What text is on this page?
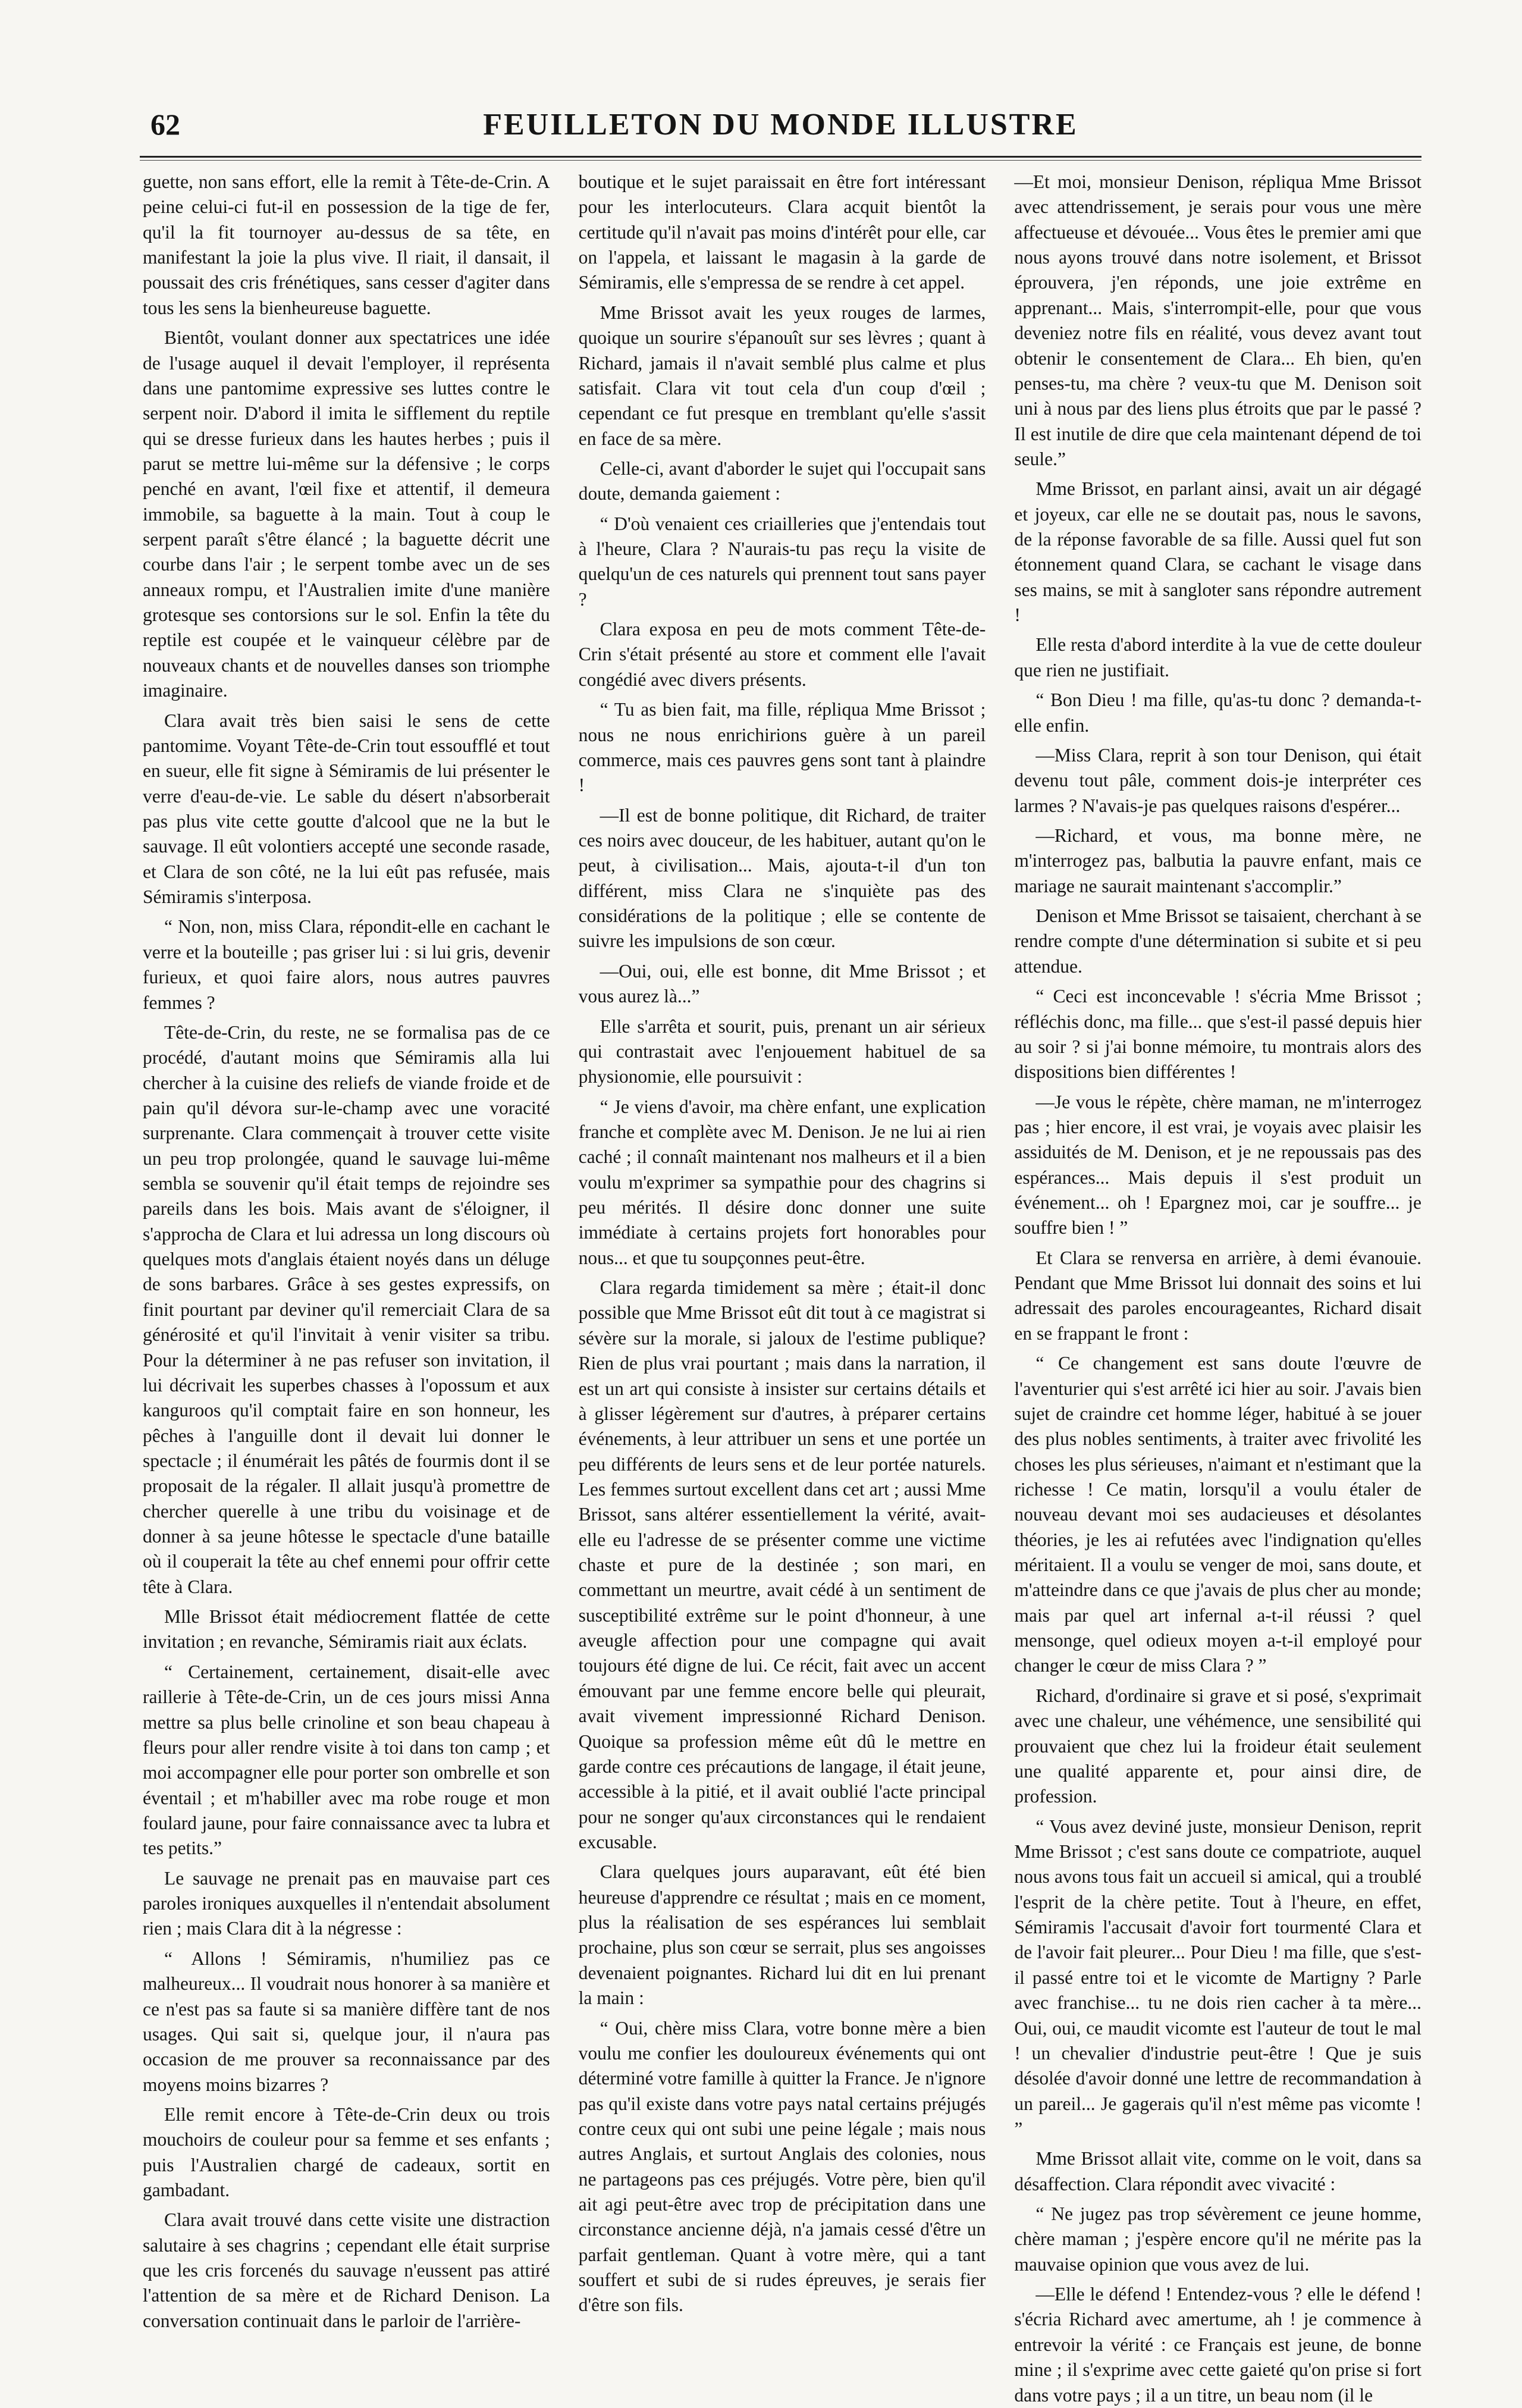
62	FEUILLETON DU MONDE ILLUSTRE

guette, non sans effort, elle la remit à Tête-de-Crin. A peine celui-ci fut-il en possession de la tige de fer, qu'il la fit tournoyer au-dessus de sa tête, en manifestant la joie la plus vive. Il riait, il dansait, il poussait des cris frénétiques, sans cesser d'agiter dans tous les sens la bienheureuse baguette.

Bientôt, voulant donner aux spectatrices une idée de l'usage auquel il devait l'employer, il représenta dans une pantomime expressive ses luttes contre le serpent noir. D'abord il imita le sifflement du reptile qui se dresse furieux dans les hautes herbes ; puis il parut se mettre lui-même sur la défensive ; le corps penché en avant, l'œil fixe et attentif, il demeura immobile, sa baguette à la main. Tout à coup le serpent paraît s'être élancé ; la baguette décrit une courbe dans l'air ; le serpent tombe avec un de ses anneaux rompu, et l'Australien imite d'une manière grotesque ses contorsions sur le sol. Enfin la tête du reptile est coupée et le vainqueur célèbre par de nouveaux chants et de nouvelles danses son triomphe imaginaire.

Clara avait très bien saisi le sens de cette pantomime. Voyant Tête-de-Crin tout essoufflé et tout en sueur, elle fit signe à Sémiramis de lui présenter le verre d'eau-de-vie. Le sable du désert n'absorberait pas plus vite cette goutte d'alcool que ne la but le sauvage. Il eût volontiers accepté une seconde rasade, et Clara de son côté, ne la lui eût pas refusée, mais Sémiramis s'interposa.

“ Non, non, miss Clara, répondit-elle en cachant le verre et la bouteille ; pas griser lui : si lui gris, devenir furieux, et quoi faire alors, nous autres pauvres femmes ?

Tête-de-Crin, du reste, ne se formalisa pas de ce procédé, d'autant moins que Sémiramis alla lui chercher à la cuisine des reliefs de viande froide et de pain qu'il dévora sur-le-champ avec une voracité surprenante. Clara commençait à trouver cette visite un peu trop prolongée, quand le sauvage lui-même sembla se souvenir qu'il était temps de rejoindre ses pareils dans les bois. Mais avant de s'éloigner, il s'approcha de Clara et lui adressa un long discours où quelques mots d'anglais étaient noyés dans un déluge de sons barbares. Grâce à ses gestes expressifs, on finit pourtant par deviner qu'il remerciait Clara de sa générosité et qu'il l'invitait à venir visiter sa tribu. Pour la déterminer à ne pas refuser son invitation, il lui décrivait les superbes chasses à l'opossum et aux kanguroos qu'il comptait faire en son honneur, les pêches à l'anguille dont il devait lui donner le spectacle ; il énumérait les pâtés de fourmis dont il se proposait de la régaler. Il allait jusqu'à promettre de chercher querelle à une tribu du voisinage et de donner à sa jeune hôtesse le spectacle d'une bataille où il couperait la tête au chef ennemi pour offrir cette tête à Clara.

Mlle Brissot était médiocrement flattée de cette invitation ; en revanche, Sémiramis riait aux éclats.

“ Certainement, certainement, disait-elle avec raillerie à Tête-de-Crin, un de ces jours missi Anna mettre sa plus belle crinoline et son beau chapeau à fleurs pour aller rendre visite à toi dans ton camp ; et moi accompagner elle pour porter son ombrelle et son éventail ; et m'habiller avec ma robe rouge et mon foulard jaune, pour faire connaissance avec ta lubra et tes petits.”

Le sauvage ne prenait pas en mauvaise part ces paroles ironiques auxquelles il n'entendait absolument rien ; mais Clara dit à la négresse :

“ Allons ! Sémiramis, n'humiliez pas ce malheureux... Il voudrait nous honorer à sa manière et ce n'est pas sa faute si sa manière diffère tant de nos usages. Qui sait si, quelque jour, il n'aura pas occasion de me prouver sa reconnaissance par des moyens moins bizarres ?

Elle remit encore à Tête-de-Crin deux ou trois mouchoirs de couleur pour sa femme et ses enfants ; puis l'Australien chargé de cadeaux, sortit en gambadant.

Clara avait trouvé dans cette visite une distraction salutaire à ses chagrins ; cependant elle était surprise que les cris forcenés du sauvage n'eussent pas attiré l'attention de sa mère et de Richard Denison. La conversation continuait dans le parloir de l'arrière-

boutique et le sujet paraissait en être fort intéressant pour les interlocuteurs. Clara acquit bientôt la certitude qu'il n'avait pas moins d'intérêt pour elle, car on l'appela, et laissant le magasin à la garde de Sémiramis, elle s'empressa de se rendre à cet appel.

Mme Brissot avait les yeux rouges de larmes, quoique un sourire s'épanouît sur ses lèvres ; quant à Richard, jamais il n'avait semblé plus calme et plus satisfait. Clara vit tout cela d'un coup d'œil ; cependant ce fut presque en tremblant qu'elle s'assit en face de sa mère.

Celle-ci, avant d'aborder le sujet qui l'occupait sans doute, demanda gaiement :

“ D'où venaient ces criailleries que j'entendais tout à l'heure, Clara ? N'aurais-tu pas reçu la visite de quelqu'un de ces naturels qui prennent tout sans payer ?

Clara exposa en peu de mots comment Tête-de-Crin s'était présenté au store et comment elle l'avait congédié avec divers présents.

“ Tu as bien fait, ma fille, répliqua Mme Brissot ; nous ne nous enrichirions guère à un pareil commerce, mais ces pauvres gens sont tant à plaindre !

—Il est de bonne politique, dit Richard, de traiter ces noirs avec douceur, de les habituer, autant qu'on le peut, à civilisation... Mais, ajouta-t-il d'un ton différent, miss Clara ne s'inquiète pas des considérations de la politique ; elle se contente de suivre les impulsions de son cœur.

—Oui, oui, elle est bonne, dit Mme Brissot ; et vous aurez là...”

Elle s'arrêta et sourit, puis, prenant un air sérieux qui contrastait avec l'enjouement habituel de sa physionomie, elle poursuivit :

“ Je viens d'avoir, ma chère enfant, une explication franche et complète avec M. Denison. Je ne lui ai rien caché ; il connaît maintenant nos malheurs et il a bien voulu m'exprimer sa sympathie pour des chagrins si peu mérités. Il désire donc donner une suite immédiate à certains projets fort honorables pour nous... et que tu soupçonnes peut-être.

Clara regarda timidement sa mère ; était-il donc possible que Mme Brissot eût dit tout à ce magistrat si sévère sur la morale, si jaloux de l'estime publique? Rien de plus vrai pourtant ; mais dans la narration, il est un art qui consiste à insister sur certains détails et à glisser légèrement sur d'autres, à préparer certains événements, à leur attribuer un sens et une portée un peu différents de leurs sens et de leur portée naturels. Les femmes surtout excellent dans cet art ; aussi Mme Brissot, sans altérer essentiellement la vérité, avait-elle eu l'adresse de se présenter comme une victime chaste et pure de la destinée ; son mari, en commettant un meurtre, avait cédé à un sentiment de susceptibilité extrême sur le point d'honneur, à une aveugle affection pour une compagne qui avait toujours été digne de lui. Ce récit, fait avec un accent émouvant par une femme encore belle qui pleurait, avait vivement impressionné Richard Denison. Quoique sa profession même eût dû le mettre en garde contre ces précautions de langage, il était jeune, accessible à la pitié, et il avait oublié l'acte principal pour ne songer qu'aux circonstances qui le rendaient excusable.

Clara quelques jours auparavant, eût été bien heureuse d'apprendre ce résultat ; mais en ce moment, plus la réalisation de ses espérances lui semblait prochaine, plus son cœur se serrait, plus ses angoisses devenaient poignantes. Richard lui dit en lui prenant la main :

“ Oui, chère miss Clara, votre bonne mère a bien voulu me confier les douloureux événements qui ont déterminé votre famille à quitter la France. Je n'ignore pas qu'il existe dans votre pays natal certains préjugés contre ceux qui ont subi une peine légale ; mais nous autres Anglais, et surtout Anglais des colonies, nous ne partageons pas ces préjugés. Votre père, bien qu'il ait agi peut-être avec trop de précipitation dans une circonstance ancienne déjà, n'a jamais cessé d'être un parfait gentleman. Quant à votre mère, qui a tant souffert et subi de si rudes épreuves, je serais fier d'être son fils.

—Et moi, monsieur Denison, répliqua Mme Brissot avec attendrissement, je serais pour vous une mère affectueuse et dévouée... Vous êtes le premier ami que nous ayons trouvé dans notre isolement, et Brissot éprouvera, j'en réponds, une joie extrême en apprenant... Mais, s'interrompit-elle, pour que vous deveniez notre fils en réalité, vous devez avant tout obtenir le consentement de Clara... Eh bien, qu'en penses-tu, ma chère ? veux-tu que M. Denison soit uni à nous par des liens plus étroits que par le passé ? Il est inutile de dire que cela maintenant dépend de toi seule.”

Mme Brissot, en parlant ainsi, avait un air dégagé et joyeux, car elle ne se doutait pas, nous le savons, de la réponse favorable de sa fille. Aussi quel fut son étonnement quand Clara, se cachant le visage dans ses mains, se mit à sangloter sans répondre autrement !

Elle resta d'abord interdite à la vue de cette douleur que rien ne justifiait.

“ Bon Dieu ! ma fille, qu'as-tu donc ? demanda-t-elle enfin.

—Miss Clara, reprit à son tour Denison, qui était devenu tout pâle, comment dois-je interpréter ces larmes ? N'avais-je pas quelques raisons d'espérer...

—Richard, et vous, ma bonne mère, ne m'interrogez pas, balbutia la pauvre enfant, mais ce mariage ne saurait maintenant s'accomplir.”

Denison et Mme Brissot se taisaient, cherchant à se rendre compte d'une détermination si subite et si peu attendue.

“ Ceci est inconcevable ! s'écria Mme Brissot ; réfléchis donc, ma fille... que s'est-il passé depuis hier au soir ? si j'ai bonne mémoire, tu montrais alors des dispositions bien différentes !

—Je vous le répète, chère maman, ne m'interrogez pas ; hier encore, il est vrai, je voyais avec plaisir les assiduités de M. Denison, et je ne repoussais pas des espérances... Mais depuis il s'est produit un événement... oh ! Epargnez moi, car je souffre... je souffre bien ! ”

Et Clara se renversa en arrière, à demi évanouie. Pendant que Mme Brissot lui donnait des soins et lui adressait des paroles encourageantes, Richard disait en se frappant le front :

“ Ce changement est sans doute l'œuvre de l'aventurier qui s'est arrêté ici hier au soir. J'avais bien sujet de craindre cet homme léger, habitué à se jouer des plus nobles sentiments, à traiter avec frivolité les choses les plus sérieuses, n'aimant et n'estimant que la richesse ! Ce matin, lorsqu'il a voulu étaler de nouveau devant moi ses audacieuses et désolantes théories, je les ai refutées avec l'indignation qu'elles méritaient. Il a voulu se venger de moi, sans doute, et m'atteindre dans ce que j'avais de plus cher au monde; mais par quel art infernal a-t-il réussi ? quel mensonge, quel odieux moyen a-t-il employé pour changer le cœur de miss Clara ? ”

Richard, d'ordinaire si grave et si posé, s'exprimait avec une chaleur, une véhémence, une sensibilité qui prouvaient que chez lui la froideur était seulement une qualité apparente et, pour ainsi dire, de profession.

“ Vous avez deviné juste, monsieur Denison, reprit Mme Brissot ; c'est sans doute ce compatriote, auquel nous avons tous fait un accueil si amical, qui a troublé l'esprit de la chère petite. Tout à l'heure, en effet, Sémiramis l'accusait d'avoir fort tourmenté Clara et de l'avoir fait pleurer... Pour Dieu ! ma fille, que s'est-il passé entre toi et le vicomte de Martigny ? Parle avec franchise... tu ne dois rien cacher à ta mère... Oui, oui, ce maudit vicomte est l'auteur de tout le mal ! un chevalier d'industrie peut-être ! Que je suis désolée d'avoir donné une lettre de recommandation à un pareil... Je gagerais qu'il n'est même pas vicomte ! ”

Mme Brissot allait vite, comme on le voit, dans sa désaffection. Clara répondit avec vivacité :

“ Ne jugez pas trop sévèrement ce jeune homme, chère maman ; j'espère encore qu'il ne mérite pas la mauvaise opinion que vous avez de lui.

—Elle le défend ! Entendez-vous ? elle le défend ! s'écria Richard avec amertume, ah ! je commence à entrevoir la vérité : ce Français est jeune, de bonne mine ; il s'exprime avec cette gaieté qu'on prise si fort dans votre pays ; il a un titre, un beau nom (il le
